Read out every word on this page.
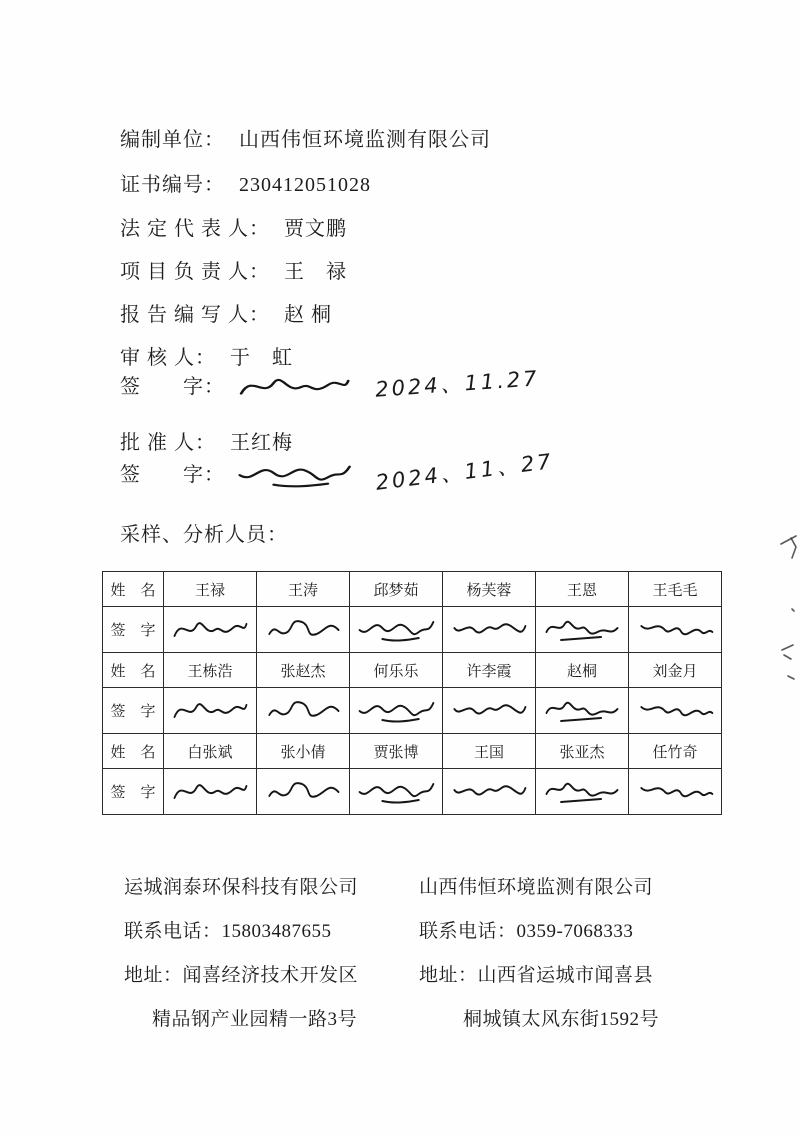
编制单位： 山西伟恒环境监测有限公司
证书编号： 230412051028
法 定 代 表 人： 贾文鹏
项 目 负 责 人： 王　禄
报 告 编 写 人： 赵 桐
审 核 人： 于　虹
签　　字：	2024、11.27
批 准 人： 王红梅
签　　字：	2024、11、27
采样、分析人员：
姓　名	王禄	王涛	邱梦茹	杨芙蓉	王恩	王毛毛
签　字						
姓　名	王栋浩	张赵杰	何乐乐	许李霞	赵桐	刘金月
签　字						
姓　名	白张斌	张小倩	贾张博	王国	张亚杰	任竹奇
签　字						
运城润泰环保科技有限公司
联系电话：15803487655
地址：闻喜经济技术开发区
精品钢产业园精一路3号
山西伟恒环境监测有限公司
联系电话：0359-7068333
地址：山西省运城市闻喜县
桐城镇太风东街1592号
